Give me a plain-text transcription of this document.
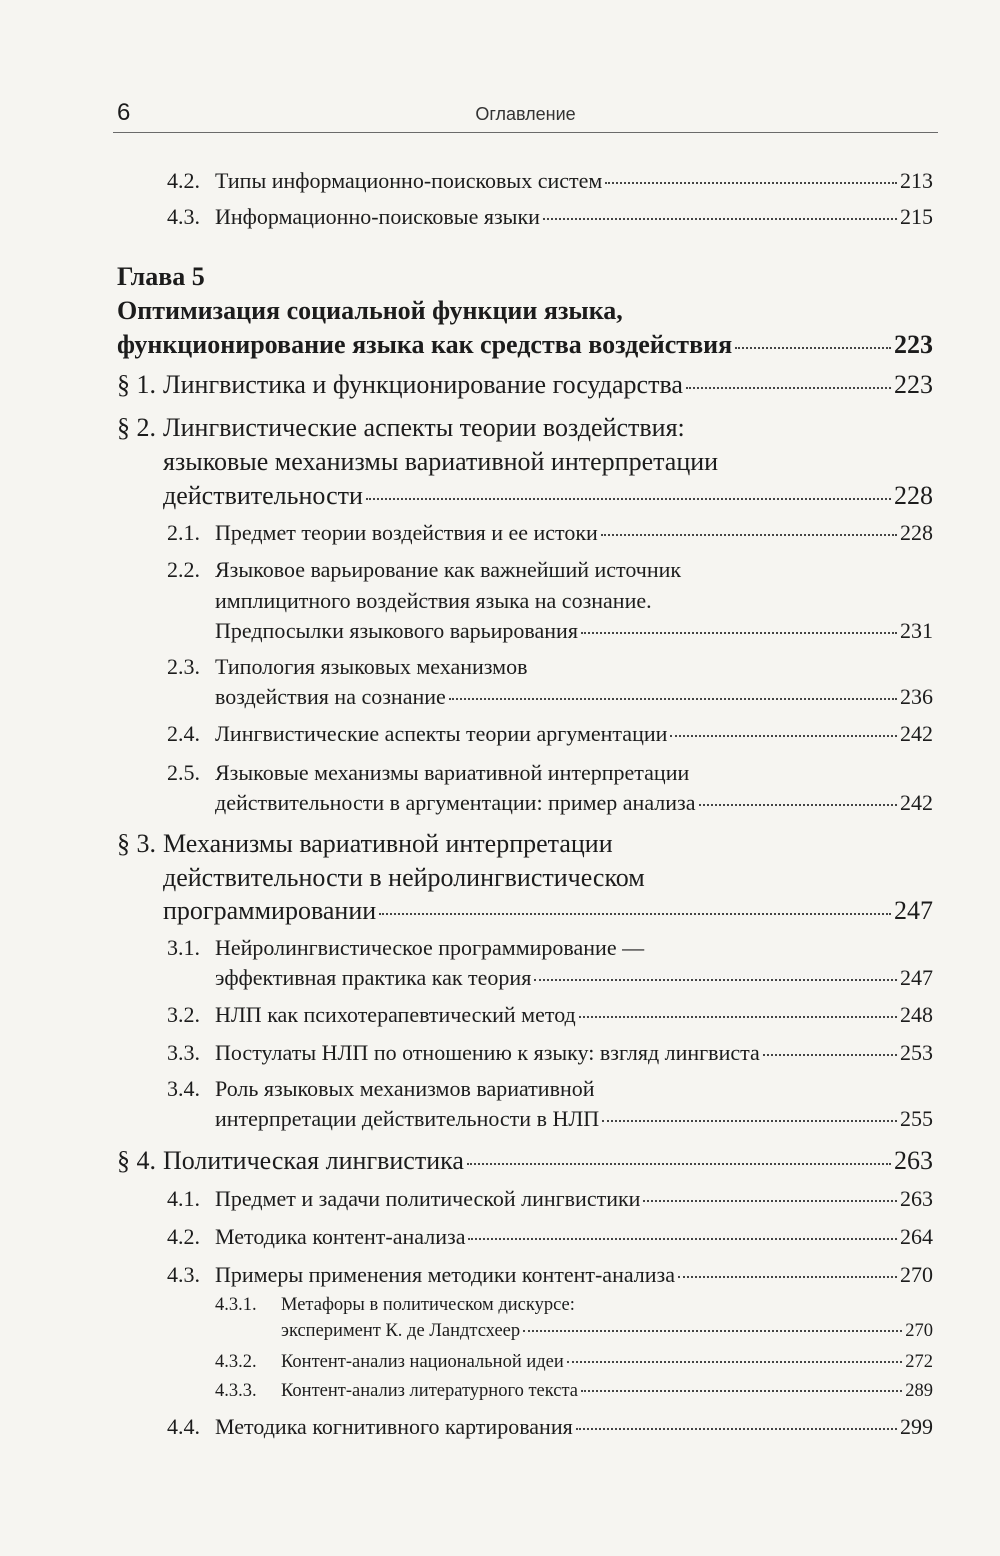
6	Оглавление
4.2. Типы информационно-поисковых систем	213
4.3. Информационно-поисковые языки	215
Глава 5
Оптимизация социальной функции языка,
функционирование языка как средства воздействия	223
§ 1. Лингвистика и функционирование государства	223
§ 2. Лингвистические аспекты теории воздействия:
языковые механизмы вариативной интерпретации
действительности	228
2.1. Предмет теории воздействия и ее истоки	228
2.2. Языковое варьирование как важнейший источник
имплицитного воздействия языка на сознание.
Предпосылки языкового варьирования	231
2.3. Типология языковых механизмов
воздействия на сознание	236
2.4. Лингвистические аспекты теории аргументации	242
2.5. Языковые механизмы вариативной интерпретации
действительности в аргументации: пример анализа	242
§ 3. Механизмы вариативной интерпретации
действительности в нейролингвистическом
программировании	247
3.1. Нейролингвистическое программирование —
эффективная практика как теория	247
3.2. НЛП как психотерапевтический метод	248
3.3. Постулаты НЛП по отношению к языку: взгляд лингвиста	253
3.4. Роль языковых механизмов вариативной
интерпретации действительности в НЛП	255
§ 4. Политическая лингвистика	263
4.1. Предмет и задачи политической лингвистики	263
4.2. Методика контент-анализа	264
4.3. Примеры применения методики контент-анализа	270
4.3.1. Метафоры в политическом дискурсе:
эксперимент К. де Ландтсхеер	270
4.3.2. Контент-анализ национальной идеи	272
4.3.3. Контент-анализ литературного текста	289
4.4. Методика когнитивного картирования	299
